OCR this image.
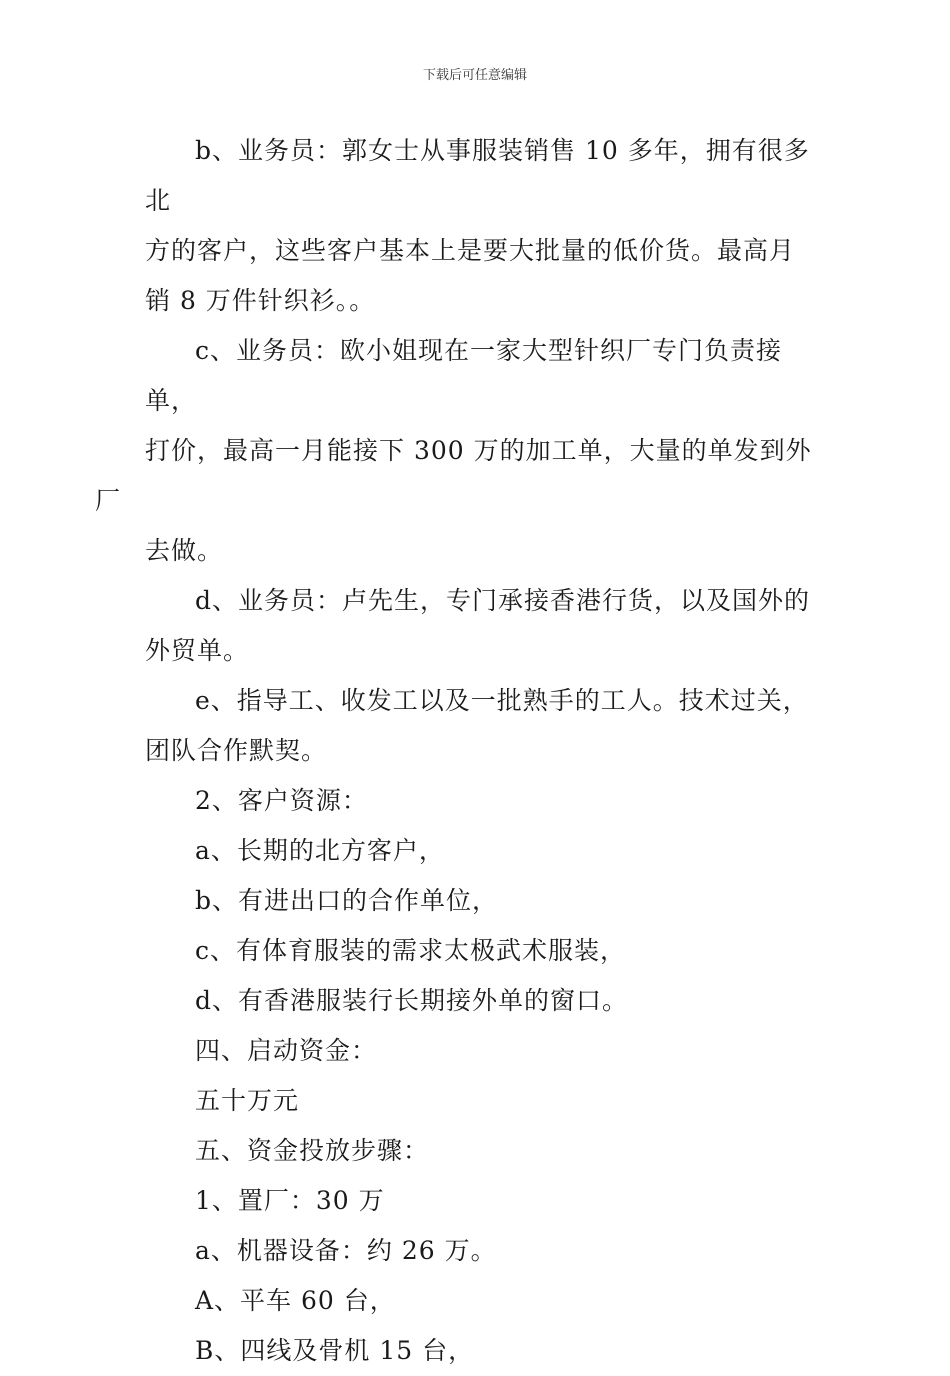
下载后可任意编辑

b、业务员：郭女士从事服装销售 10 多年，拥有很多北
方的客户，这些客户基本上是要大批量的低价货。最高月
销 8 万件针织衫。。

c、业务员：欧小姐现在一家大型针织厂专门负责接单，
打价，最高一月能接下 300 万的加工单，大量的单发到外厂
去做。

d、业务员：卢先生，专门承接香港行货，以及国外的
外贸单。

e、指导工、收发工以及一批熟手的工人。技术过关，
团队合作默契。

2、客户资源：

a、长期的北方客户，

b、有进出口的合作单位，

c、有体育服装的需求太极武术服装，

d、有香港服装行长期接外单的窗口。

四、启动资金：

五十万元

五、资金投放步骤：

1、置厂：30 万

a、机器设备：约 26 万。

A、平车 60 台，

B、四线及骨机 15 台，
